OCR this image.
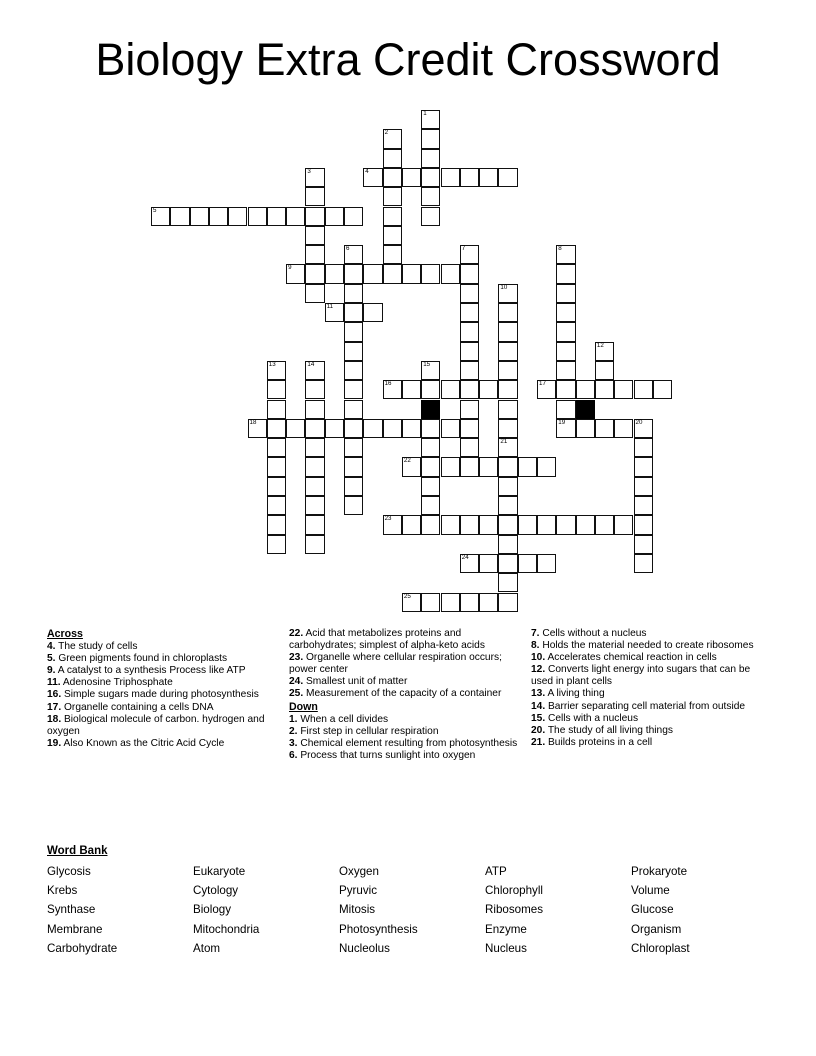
Biology Extra Credit Crossword
1
2
3	4
5
6	7	8
9
10
11
12
13	14	15
16	17
18	19	20
21
22
23
24
25

Across

4. The study of cells

5. Green pigments found in chloroplasts

9. A catalyst to a synthesis Process like ATP

11. Adenosine Triphosphate

16. Simple sugars made during photosynthesis

17. Organelle containing a cells DNA

18. Biological molecule of carbon. hydrogen and oxygen

19. Also Known as the Citric Acid Cycle

22. Acid that metabolizes proteins and carbohydrates; simplest of alpha-keto acids

23. Organelle where cellular respiration occurs; power center

24. Smallest unit of matter

25. Measurement of the capacity of a container

Down

1. When a cell divides

2. First step in cellular respiration

3. Chemical element resulting from photosynthesis

6. Process that turns sunlight into oxygen

7. Cells without a nucleus

8. Holds the material needed to create ribosomes

10. Accelerates chemical reaction in cells

12. Converts light energy into sugars that can be used in plant cells

13. A living thing

14. Barrier separating cell material from outside

15. Cells with a nucleus

20. The study of all living things

21. Builds proteins in a cell

Word Bank
Glycosis
Krebs
Synthase
Membrane
Carbohydrate
Eukaryote
Cytology
Biology
Mitochondria
Atom
Oxygen
Pyruvic
Mitosis
Photosynthesis
Nucleolus
ATP
Chlorophyll
Ribosomes
Enzyme
Nucleus
Prokaryote
Volume
Glucose
Organism
Chloroplast
